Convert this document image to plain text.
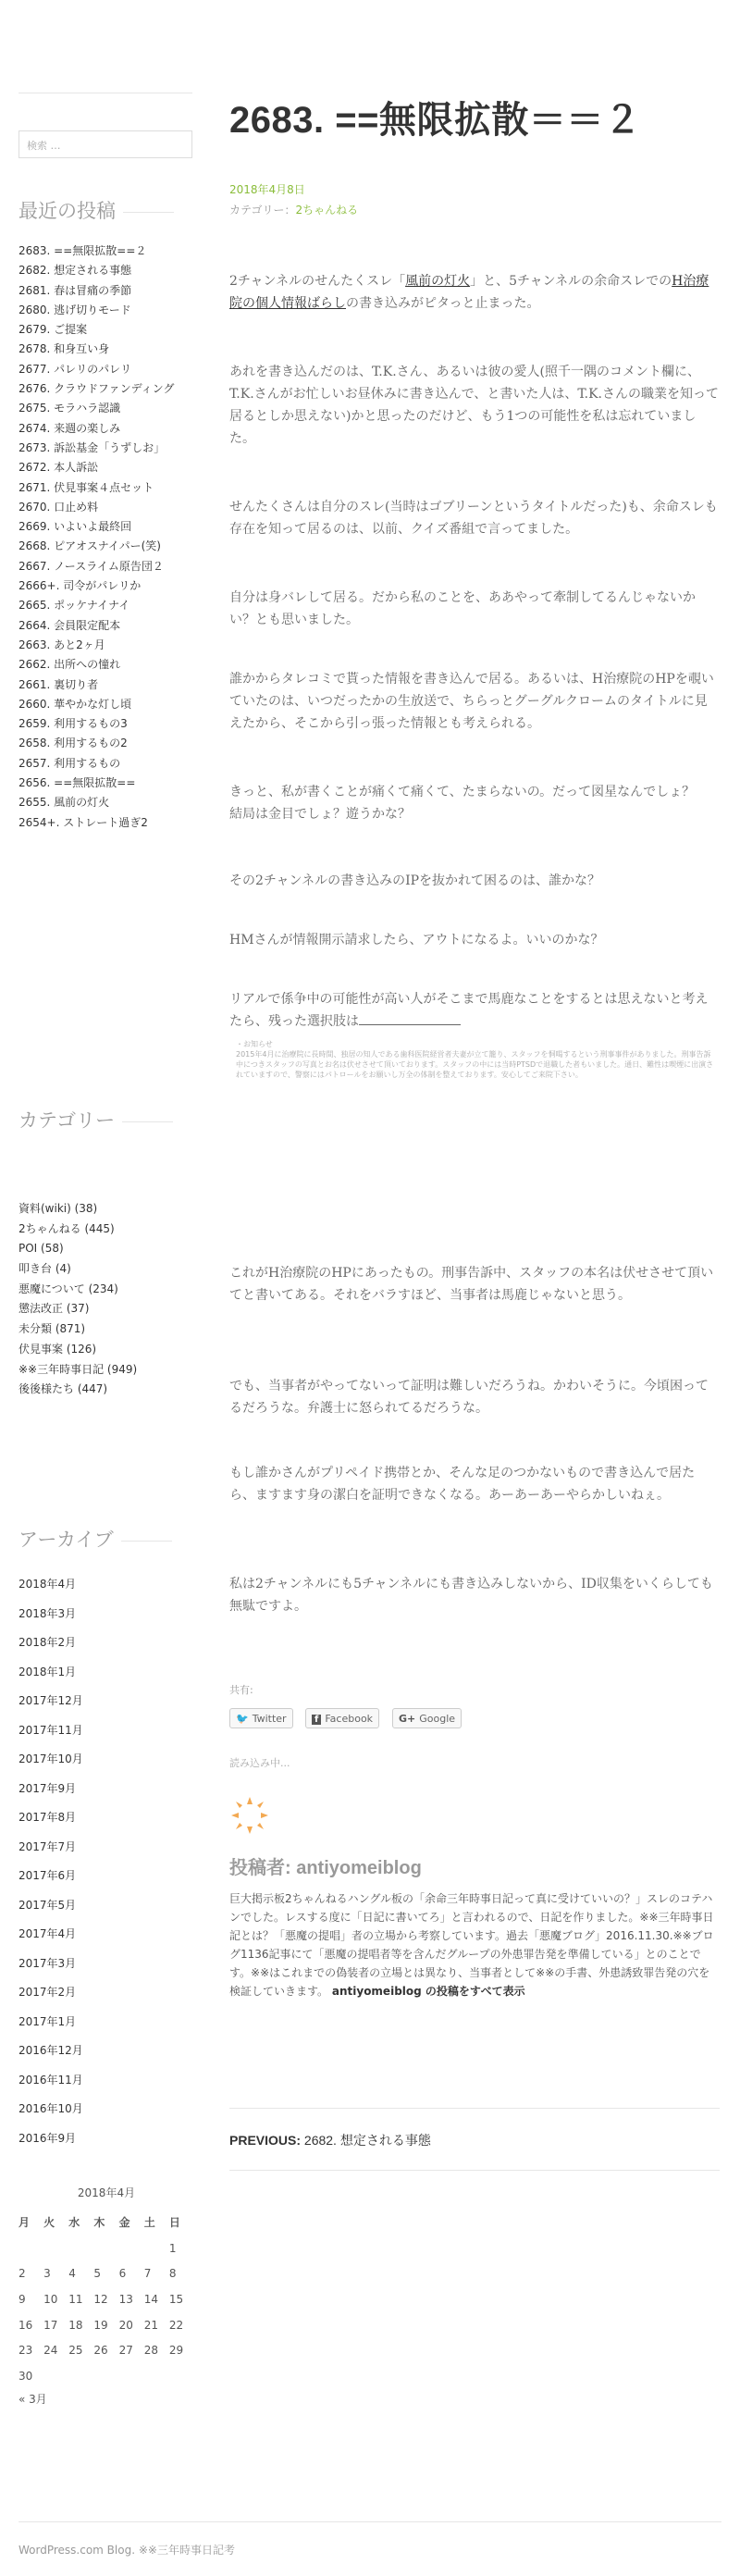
検索 …
最近の投稿
2683. ==無限拡散==２
2682. 想定される事態
2681. 春は冒痛の季節
2680. 逃げ切りモード
2679. ご提案
2678. 和身互い身
2677. パレリのパレリ
2676. クラウドファンディング
2675. モラハラ認識
2674. 来週の楽しみ
2673. 訴訟基金「うずしお」
2672. 本人訴訟
2671. 伏見事案４点セット
2670. 口止め料
2669. いよいよ最終回
2668. ピアオスナイパー(笑)
2667. ノースライム原告団２
2666+. 司令がパレリか
2665. ポッケナイナイ
2664. 会員限定配本
2663. あと2ヶ月
2662. 出所への憧れ
2661. 裏切り者
2660. 華やかな灯し頃
2659. 利用するもの3
2658. 利用するもの2
2657. 利用するもの
2656. ==無限拡散==
2655. 風前の灯火
2654+. ストレート過ぎ2
カテゴリー
資料(wiki) (38)
2ちゃんねる (445)
POI (58)
叩き台 (4)
悪魔について (234)
懲法改正 (37)
未分類 (871)
伏見事案 (126)
※※三年時事日記 (949)
後後様たち (447)
アーカイブ
2018年4月
2018年3月
2018年2月
2018年1月
2017年12月
2017年11月
2017年10月
2017年9月
2017年8月
2017年7月
2017年6月
2017年5月
2017年4月
2017年3月
2017年2月
2017年1月
2016年12月
2016年11月
2016年10月
2016年9月
2018年4月
月	火	水	木	金	土	日
						1
2	3	4	5	6	7	8
9	10	11	12	13	14	15
16	17	18	19	20	21	22
23	24	25	26	27	28	29
30						
« 3月
2683. ==無限拡散＝＝２
2018年4月8日
カテゴリー：2ちゃんねる

2チャンネルのせんたくスレ「風前の灯火」と、5チャンネルの余命スレでのH治療院の個人情報ばらしの書き込みがピタっと止まった。

あれを書き込んだのは、T.K.さん、あるいは彼の愛人(照千一隅のコメント欄に、T.K.さんがお忙しいお昼休みに書き込んで、と書いた人は、T.K.さんの職業を知って居るとしか思えない)かと思ったのだけど、もう1つの可能性を私は忘れていました。

せんたくさんは自分のスレ(当時はゴブリーンというタイトルだった)も、余命スレも存在を知って居るのは、以前、クイズ番組で言ってました。

自分は身バレして居る。だから私のことを、ああやって牽制してるんじゃないかい？とも思いました。

誰かからタレコミで貰った情報を書き込んで居る。あるいは、H治療院のHPを覗いていたのは、いつだったかの生放送で、ちらっとグーグルクロームのタイトルに見えたから、そこから引っ張った情報とも考えられる。

きっと、私が書くことが痛くて痛くて、たまらないの。だって図星なんでしょ？　結局は金目でしょ？遊うかな？

その2チャンネルの書き込みのIPを抜かれて困るのは、誰かな？

HMさんが情報開示請求したら、アウトになるよ。いいのかな？

リアルで係争中の可能性が高い人がそこまで馬鹿なことをするとは思えないと考えたら、残った選択肢は

・お知らせ
2015年4月に治療院に長時間、独居の知人である歯科医院経営者夫妻が立て籠り、スタッフを恫喝するという刑事事件がありました。刑事告訴中につきスタッフの写真とお名は伏せさせて頂いております。スタッフの中には当時PTSDで退職した者もいました。通日、難性は喫煙に出演されていますので、警察にはパトロールをお願いし万全の体制を整えております。安心してご来院下さい。

これがH治療院のHPにあったもの。刑事告訴中、スタッフの本名は伏せさせて頂いてと書いてある。それをバラすほど、当事者は馬鹿じゃないと思う。

でも、当事者がやってないって証明は難しいだろうね。かわいそうに。今頃困ってるだろうな。弁護士に怒られてるだろうな。

もし誰かさんがプリペイド携帯とか、そんな足のつかないもので書き込んで居たら、ますます身の潔白を証明できなくなる。あーあーあーやらかしいねぇ。

私は2チャンネルにも5チャンネルにも書き込みしないから、ID収集をいくらしても無駄ですよ。

共有:
🐦 Twitter	f Facebook	G+ Google
読み込み中...
投稿者: antiyomeiblog
巨大掲示板2ちゃんねるハングル板の「余命三年時事日記って真に受けていいの？」スレのコテハンでした。レスする度に「日記に書いてろ」と言われるので、日記を作りました。※※三年時事日記とは？「悪魔の提唱」者の立場から考察しています。過去「悪魔ブログ」2016.11.30.※※ブログ1136記事にて「悪魔の提唱者等を含んだグループの外患罪告発を準備している」とのことです。※※はこれまでの偽装者の立場とは異なり、当事者として※※の手書、外患誘致罪告発の穴を検証していきます。 antiyomeiblog の投稿をすべて表示
PREVIOUS: 2682. 想定される事態
WordPress.com Blog. ※※三年時事日記考
